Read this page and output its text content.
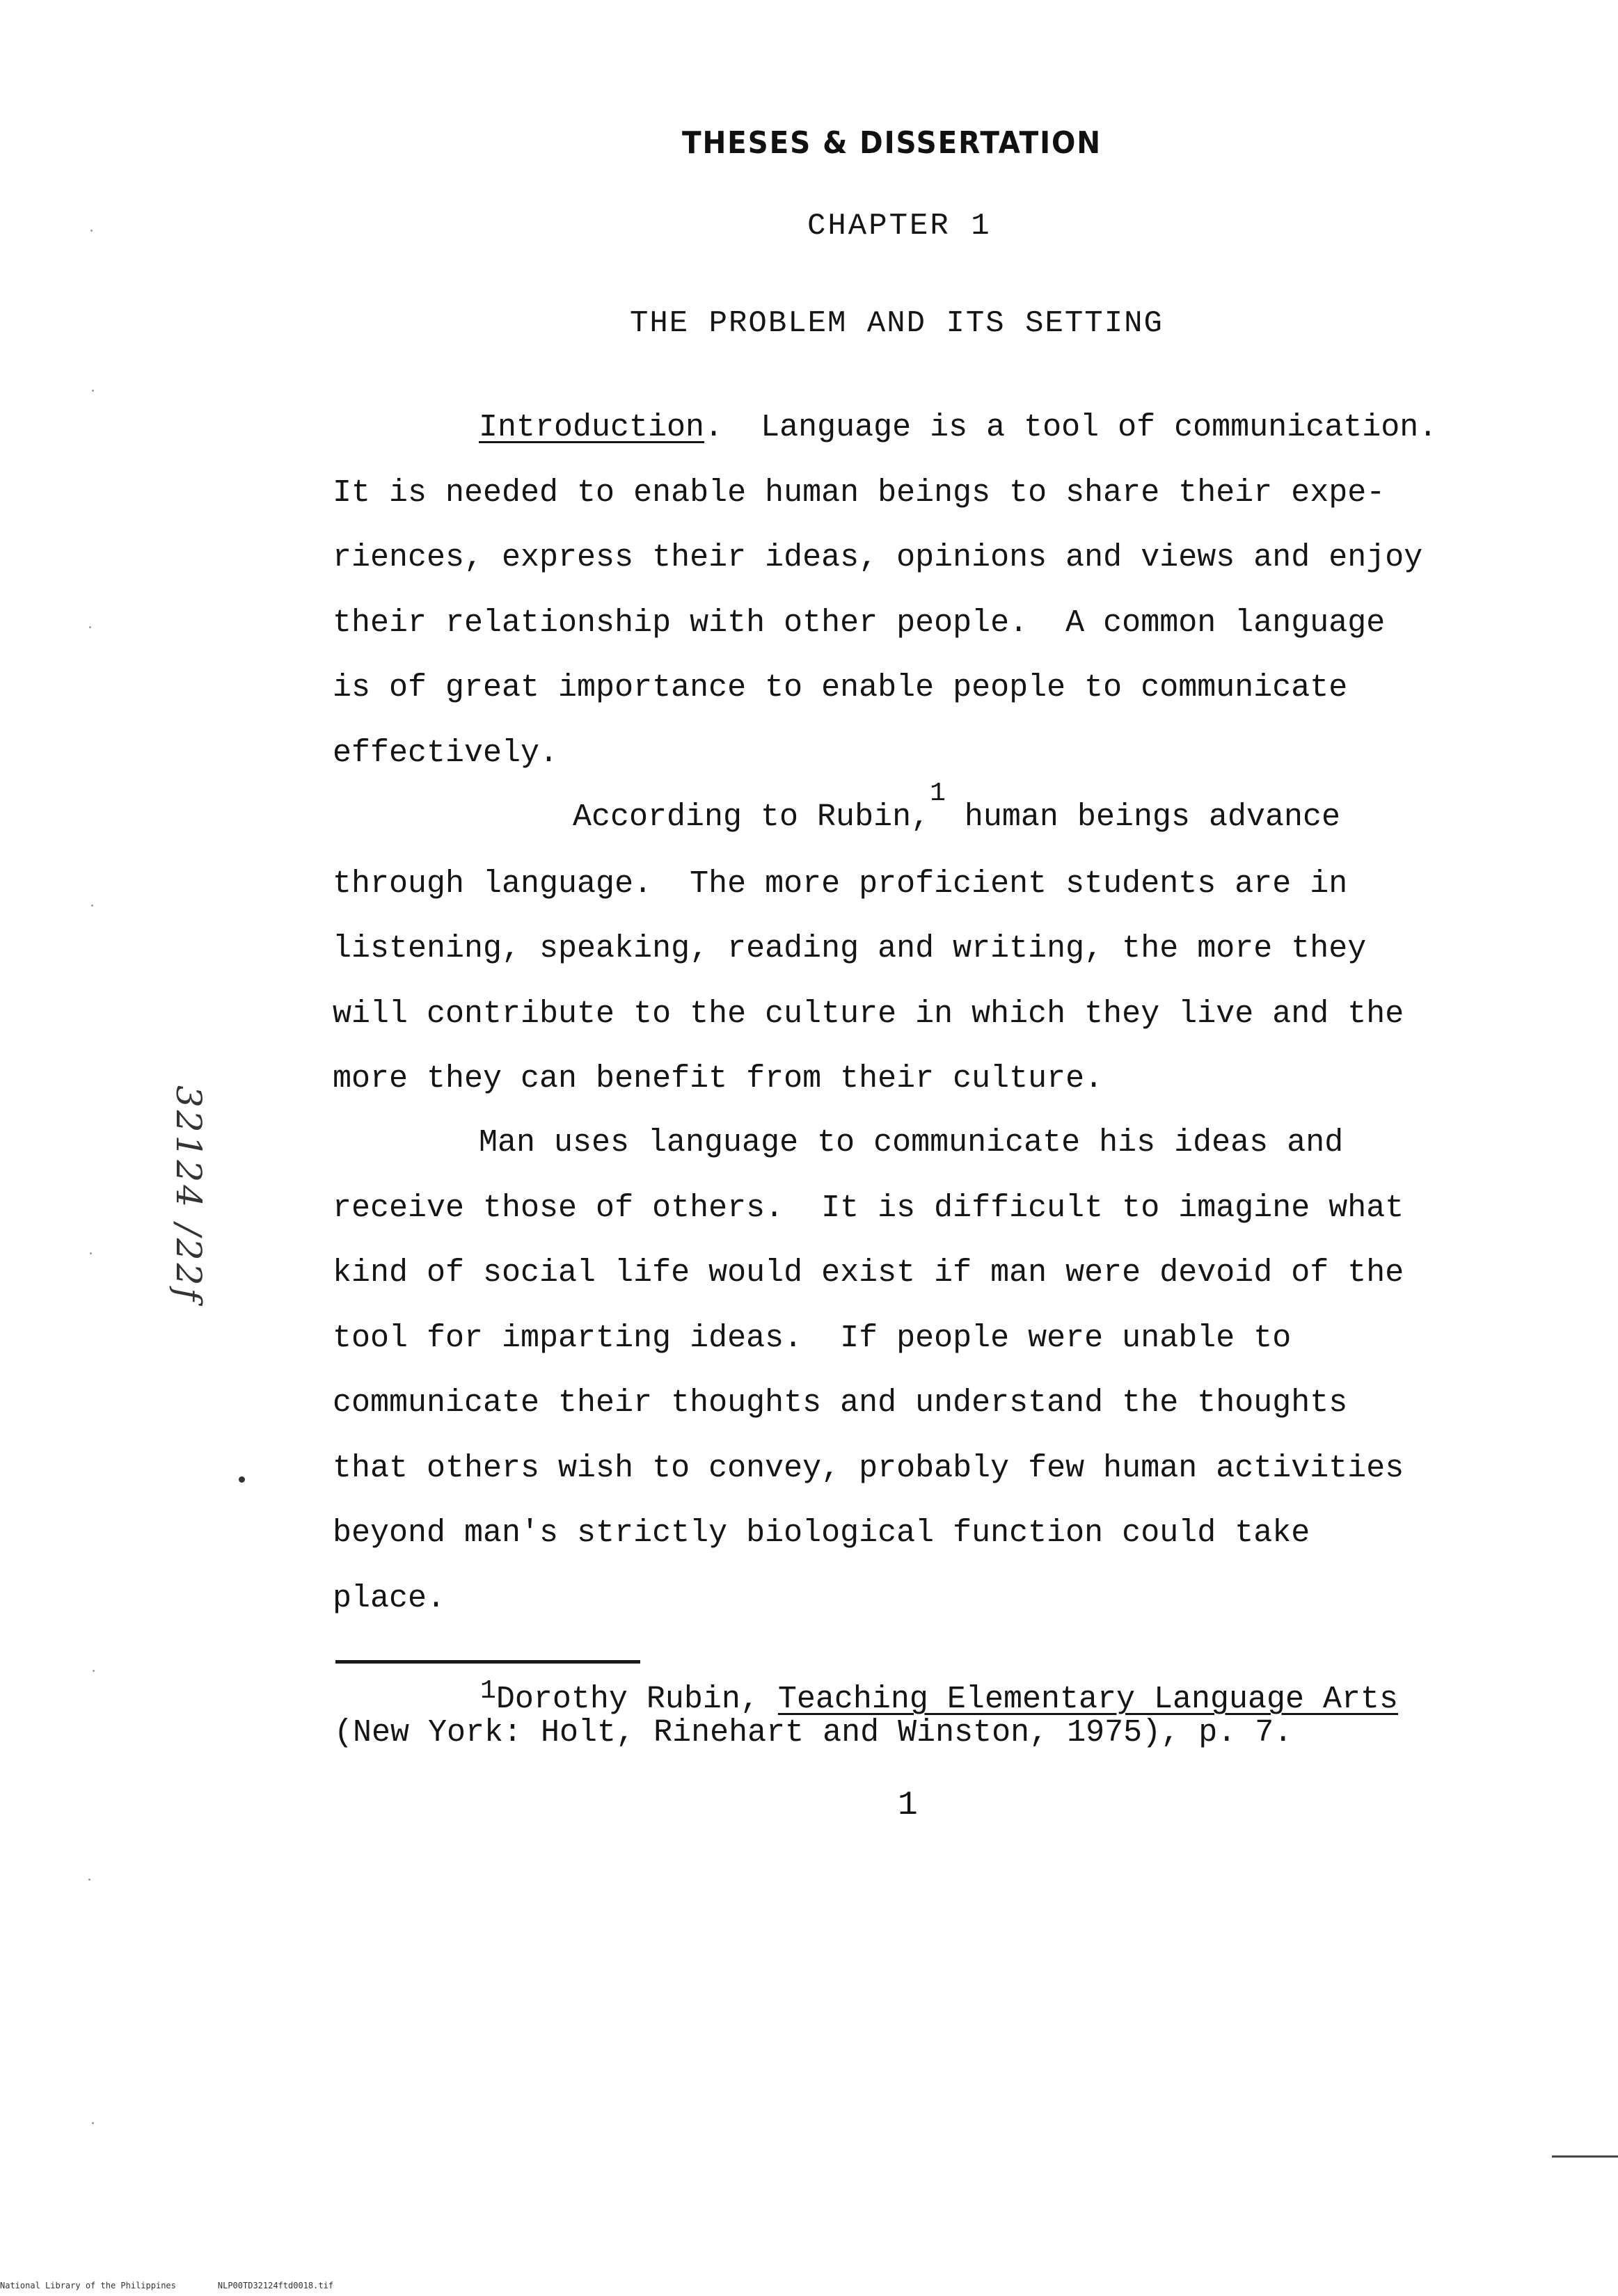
THESES & DISSERTATION
CHAPTER 1
THE PROBLEM AND ITS SETTING
Introduction.  Language is a tool of communication.
It is needed to enable human beings to share their expe-
riences, express their ideas, opinions and views and enjoy
their relationship with other people.  A common language
is of great importance to enable people to communicate
effectively.
According to Rubin,$^1$ human beings advance
through language.  The more proficient students are in
listening, speaking, reading and writing, the more they
will contribute to the culture in which they live and the
more they can benefit from their culture.
Man uses language to communicate his ideas and
receive those of others.  It is difficult to imagine what
kind of social life would exist if man were devoid of the
tool for imparting ideas.  If people were unable to
communicate their thoughts and understand the thoughts
that others wish to convey, probably few human activities
beyond man's strictly biological function could take
place.
32124 /22f
$^1$Dorothy Rubin, Teaching Elementary Language Arts
(New York: Holt, Rinehart and Winston, 1975), p. 7.
1
National Library of the Philippines	NLP00TD32124ftd0018.tif
